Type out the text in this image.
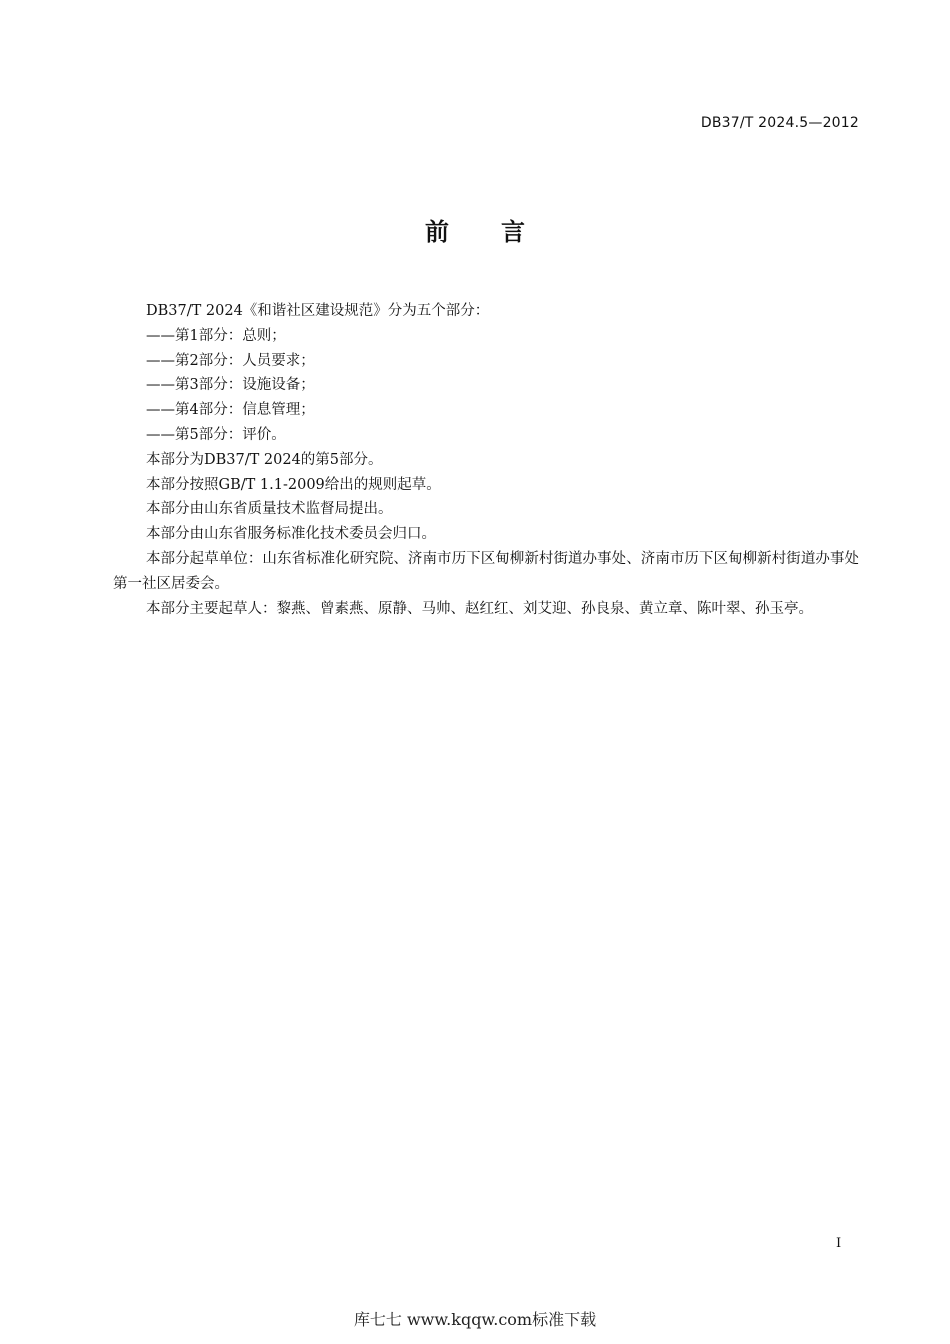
DB37/T 2024.5—2012
前 言

DB37/T 2024《和谐社区建设规范》分为五个部分：

——第1部分：总则；

——第2部分：人员要求；

——第3部分：设施设备；

——第4部分：信息管理；

——第5部分：评价。

本部分为DB37/T 2024的第5部分。

本部分按照GB/T 1.1-2009给出的规则起草。

本部分由山东省质量技术监督局提出。

本部分由山东省服务标准化技术委员会归口。

本部分起草单位：山东省标准化研究院、济南市历下区甸柳新村街道办事处、济南市历下区甸柳新村街道办事处第一社区居委会。

本部分主要起草人：黎燕、曾素燕、原静、马帅、赵红红、刘艾迎、孙良泉、黄立章、陈叶翠、孙玉亭。

I
库七七 www.kqqw.com标准下载
